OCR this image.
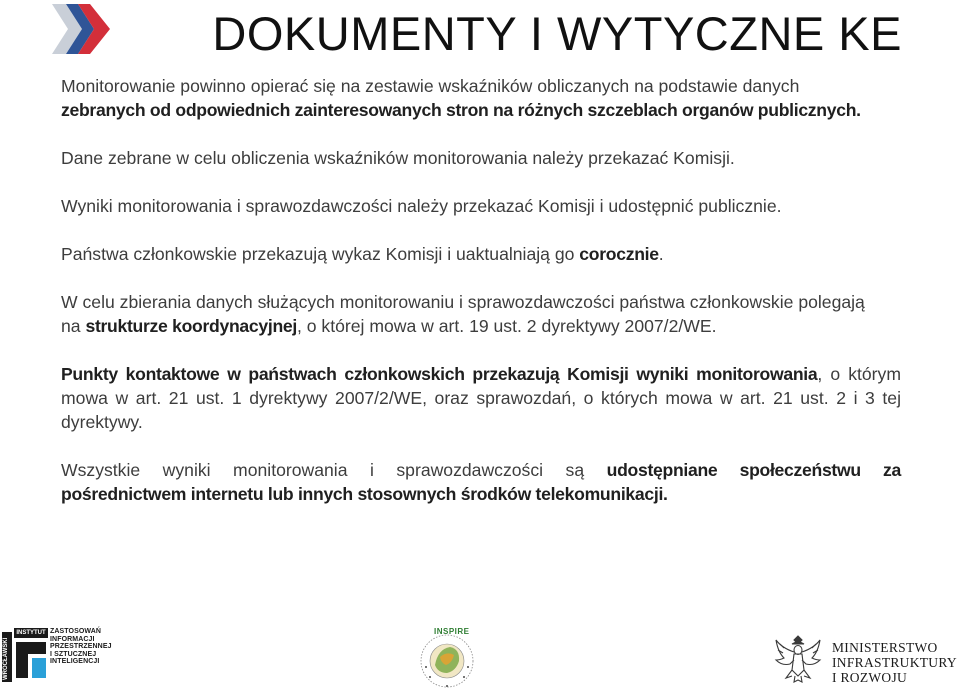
DOKUMENTY I WYTYCZNE KE

Monitorowanie powinno opierać się na zestawie wskaźników obliczanych na podstawie danych
zebranych od odpowiednich zainteresowanych stron na różnych szczeblach organów publicznych.

Dane zebrane w celu obliczenia wskaźników monitorowania należy przekazać Komisji.

Wyniki monitorowania i sprawozdawczości należy przekazać Komisji i udostępnić publicznie.

Państwa członkowskie przekazują wykaz Komisji i uaktualniają go corocznie.

W celu zbierania danych służących monitorowaniu i sprawozdawczości państwa członkowskie polegają
na strukturze koordynacyjnej, o której mowa w art. 19 ust. 2 dyrektywy 2007/2/WE.

Punkty kontaktowe w państwach członkowskich przekazują Komisji wyniki monitorowania, o którym
mowa w art. 21 ust. 1 dyrektywy 2007/2/WE, oraz sprawozdań, o których mowa w art. 21 ust. 2 i 3 tej
dyrektywy.

Wszystkie wyniki monitorowania i sprawozdawczości są udostępniane społeczeństwu za
pośrednictwem internetu lub innych stosownych środków telekomunikacji.

WROCŁAWSKI
INSTYTUT ZASTOSOWAŃ
INFORMACJI
PRZESTRZENNEJ
I SZTUCZNEJ
INTELIGENCJI
INSPIRE
MINISTERSTWO
INFRASTRUKTURY
I ROZWOJU
